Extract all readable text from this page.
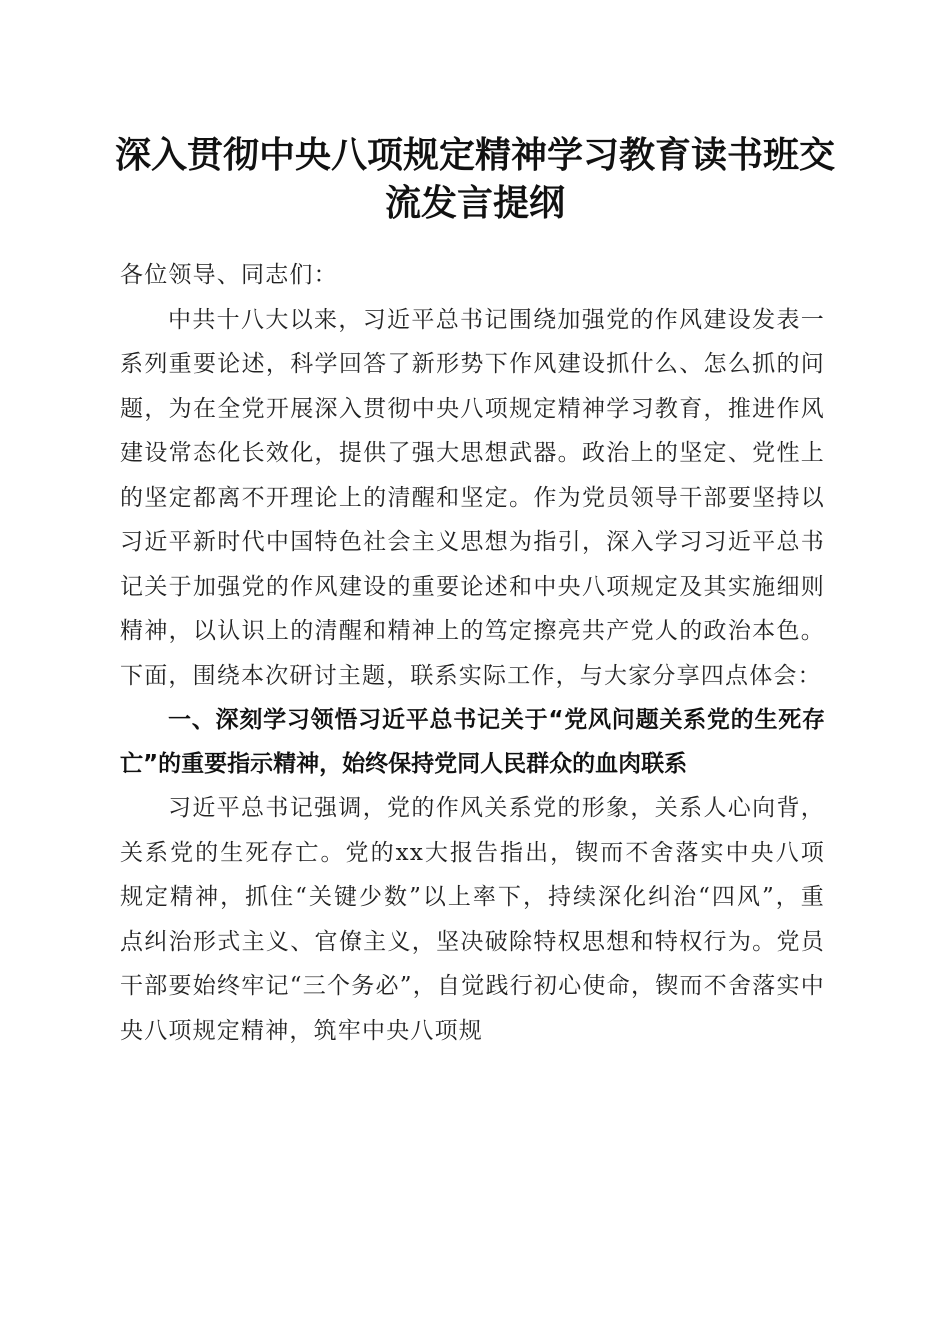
深入贯彻中央八项规定精神学习教育读书班交流发言提纲

各位领导、同志们：

中共十八大以来，习近平总书记围绕加强党的作风建设发表一系列重要论述，科学回答了新形势下作风建设抓什么、怎么抓的问题，为在全党开展深入贯彻中央八项规定精神学习教育，推进作风建设常态化长效化，提供了强大思想武器。政治上的坚定、党性上的坚定都离不开理论上的清醒和坚定。作为党员领导干部要坚持以习近平新时代中国特色社会主义思想为指引，深入学习习近平总书记关于加强党的作风建设的重要论述和中央八项规定及其实施细则精神，以认识上的清醒和精神上的笃定擦亮共产党人的政治本色。下面，围绕本次研讨主题，联系实际工作，与大家分享四点体会：

一、深刻学习领悟习近平总书记关于“党风问题关系党的生死存亡”的重要指示精神，始终保持党同人民群众的血肉联系

习近平总书记强调，党的作风关系党的形象，关系人心向背，关系党的生死存亡。党的xx大报告指出，锲而不舍落实中央八项规定精神，抓住“关键少数”以上率下，持续深化纠治“四风”，重点纠治形式主义、官僚主义，坚决破除特权思想和特权行为。党员干部要始终牢记“三个务必”，自觉践行初心使命，锲而不舍落实中央八项规定精神，筑牢中央八项规
